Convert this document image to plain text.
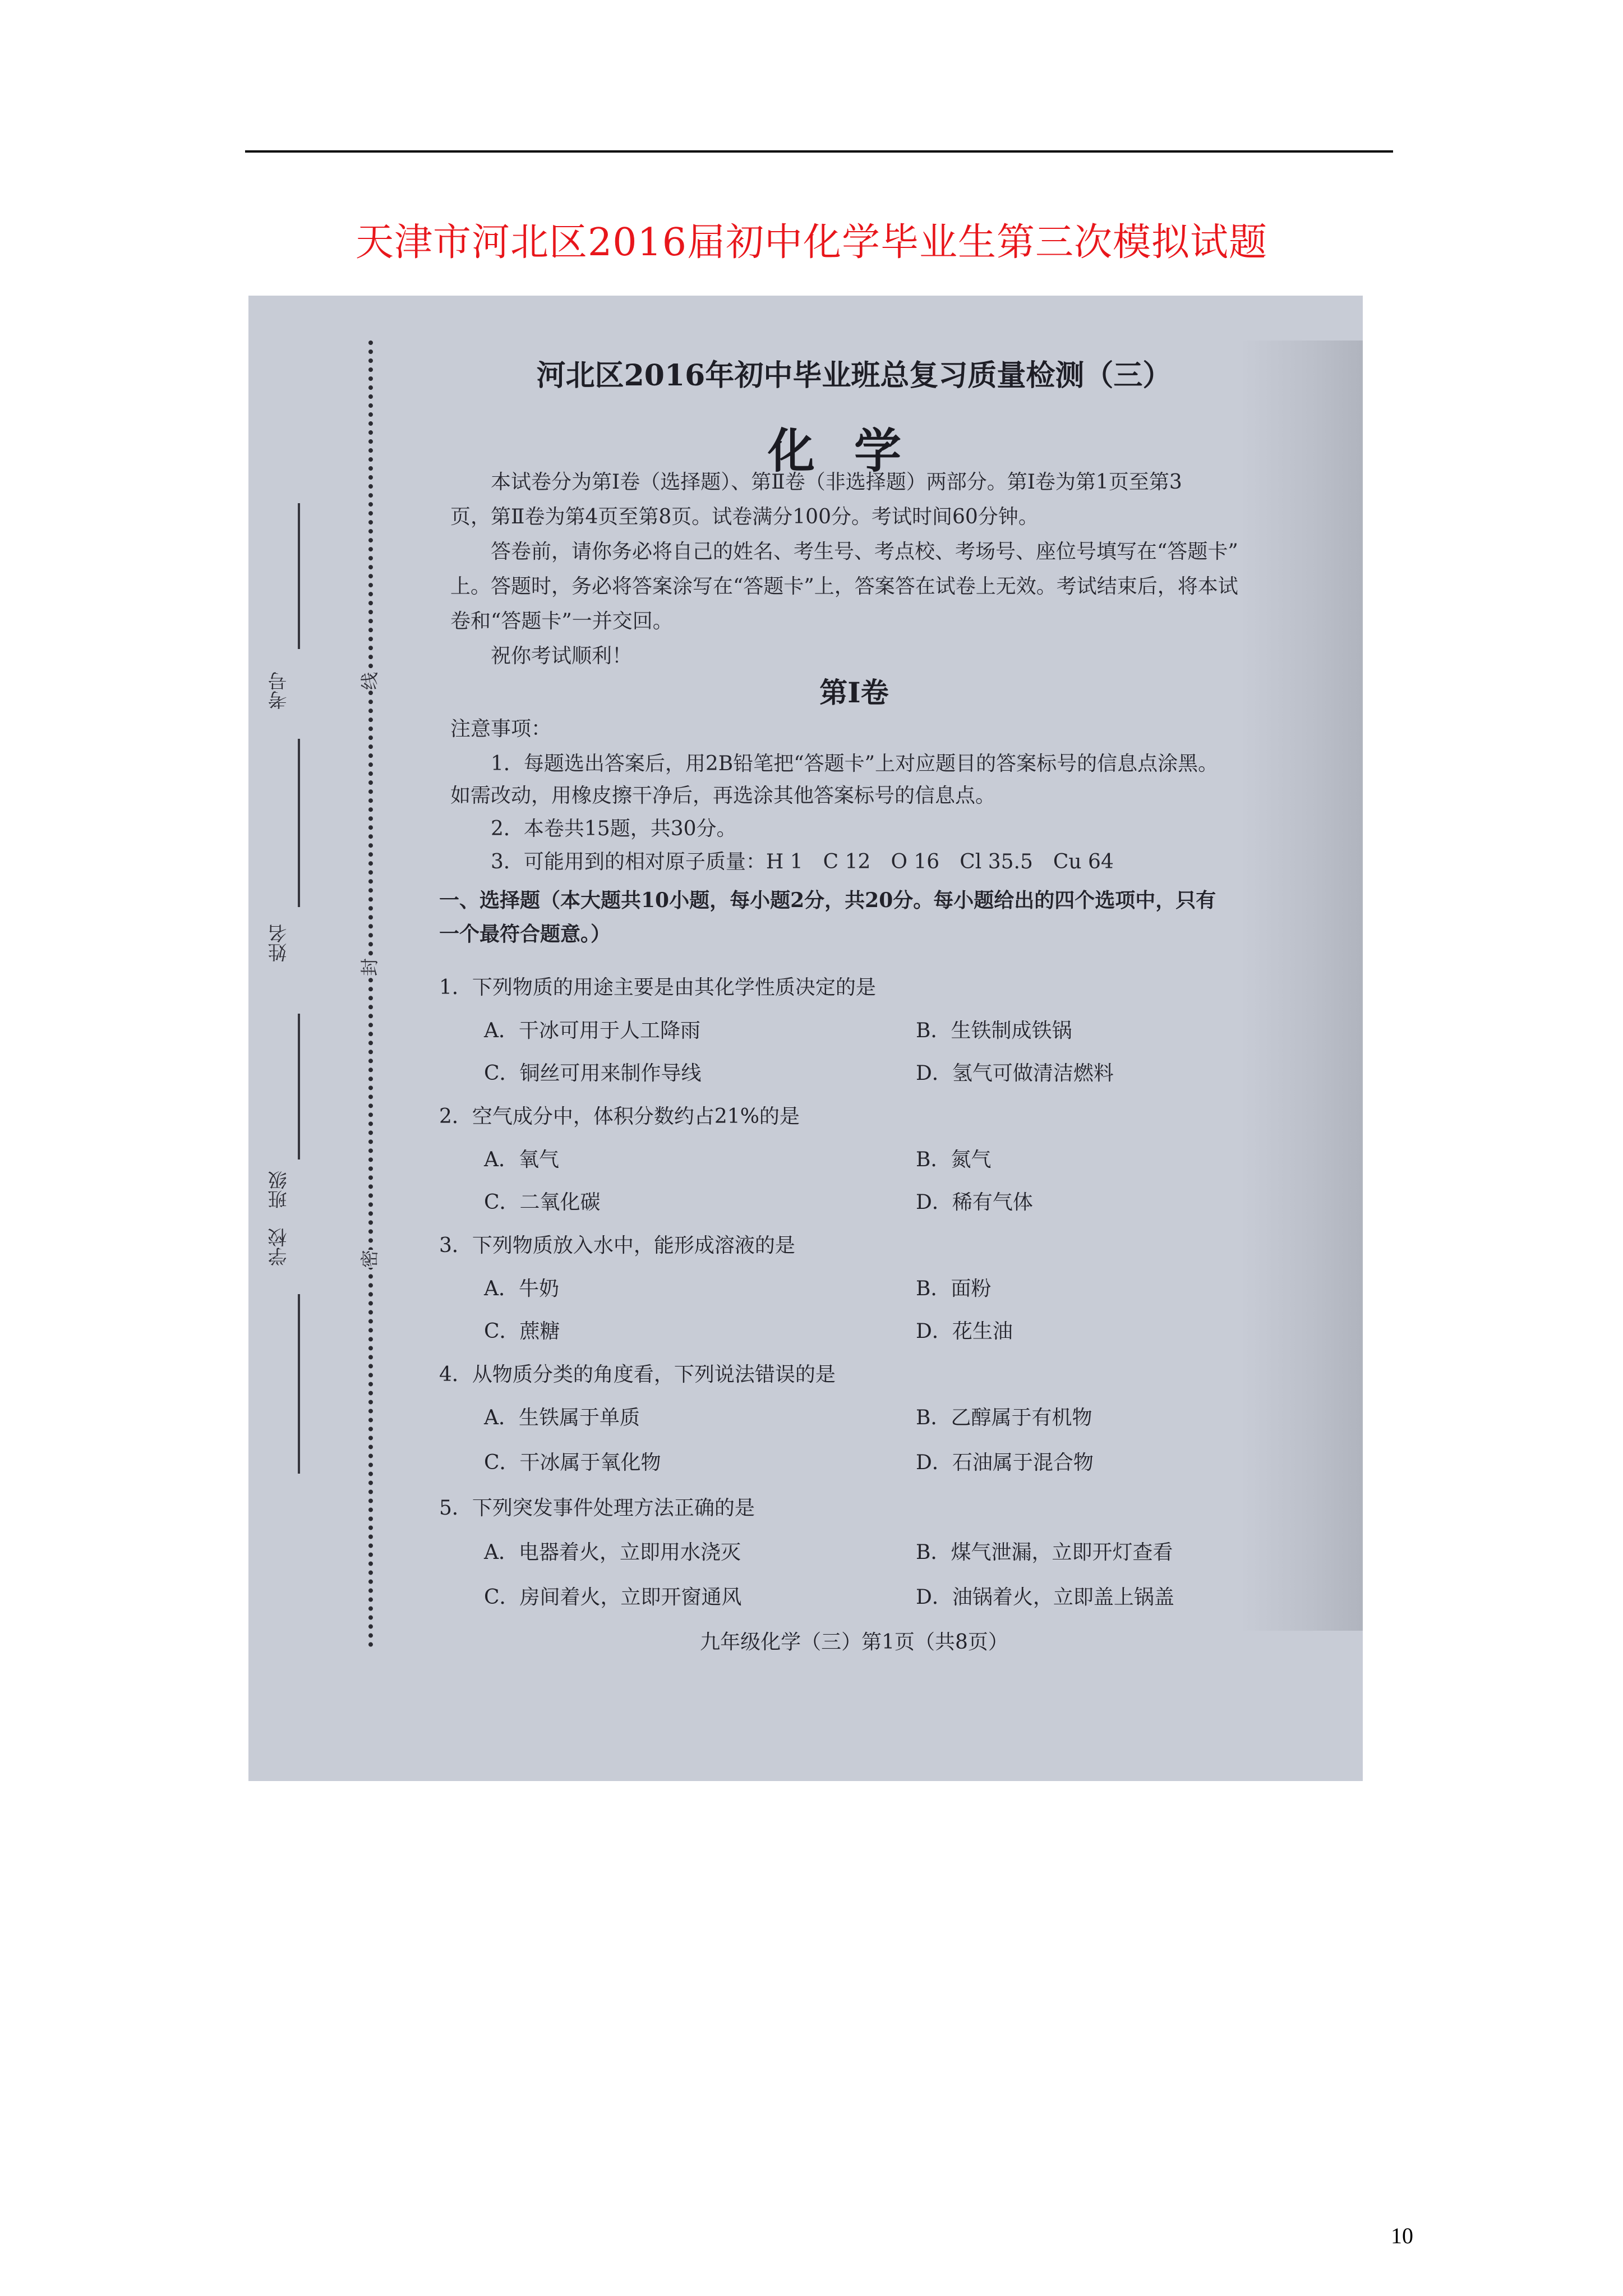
天津市河北区2016届初中化学毕业生第三次模拟试题
考号
姓名
学校　班级
线
封
密
河北区2016年初中毕业班总复习质量检测（三）
化学

本试卷分为第Ⅰ卷（选择题）、第Ⅱ卷（非选择题）两部分。第Ⅰ卷为第1页至第3

页，第Ⅱ卷为第4页至第8页。试卷满分100分。考试时间60分钟。

答卷前，请你务必将自己的姓名、考生号、考点校、考场号、座位号填写在“答题卡”

上。答题时，务必将答案涂写在“答题卡”上，答案答在试卷上无效。考试结束后，将本试

卷和“答题卡”一并交回。

祝你考试顺利！

第Ⅰ卷

注意事项：

1．每题选出答案后，用2B铅笔把“答题卡”上对应题目的答案标号的信息点涂黑。

如需改动，用橡皮擦干净后，再选涂其他答案标号的信息点。

2．本卷共15题，共30分。

3．可能用到的相对原子质量：H 1　C 12　O 16　Cl 35.5　Cu 64

一、选择题（本大题共10小题，每小题2分，共20分。每小题给出的四个选项中，只有
一个最符合题意。）
1．下列物质的用途主要是由其化学性质决定的是
A．干冰可用于人工降雨	B．生铁制成铁锅
C．铜丝可用来制作导线	D．氢气可做清洁燃料
2．空气成分中，体积分数约占21%的是
A．氧气	B．氮气
C．二氧化碳	D．稀有气体
3．下列物质放入水中，能形成溶液的是
A．牛奶	B．面粉
C．蔗糖	D．花生油
4．从物质分类的角度看，下列说法错误的是
A．生铁属于单质	B．乙醇属于有机物
C．干冰属于氧化物	D．石油属于混合物
5．下列突发事件处理方法正确的是
A．电器着火，立即用水浇灭	B．煤气泄漏，立即开灯查看
C．房间着火，立即开窗通风	D．油锅着火，立即盖上锅盖
九年级化学（三）第1页（共8页）
10
